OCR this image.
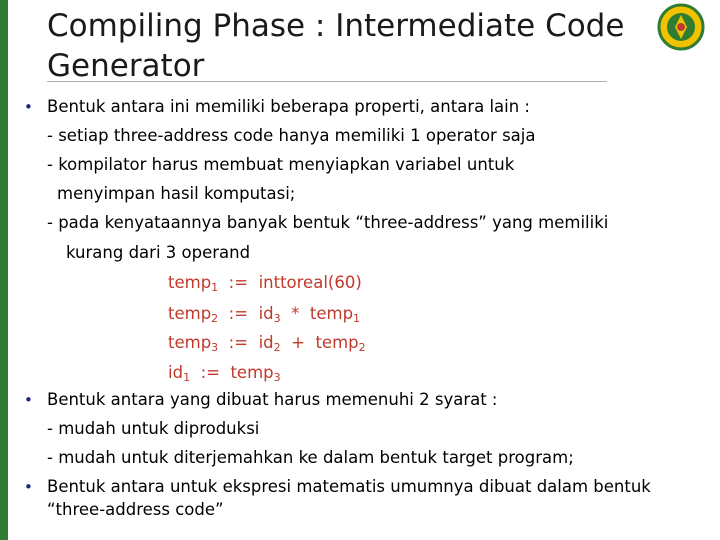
Compiling Phase : Intermediate Code
Generator
• Bentuk antara ini memiliki beberapa properti, antara lain :
- setiap three-address code hanya memiliki 1 operator saja
- kompilator harus membuat menyiapkan variabel untuk
menyimpan hasil komputasi;
- pada kenyataannya banyak bentuk “three-address” yang memiliki
kurang dari 3 operand
temp$_1$ := inttoreal(60)
temp$_2$ := $id_3$ * temp$_1$
temp$_3$ := $id_2$ + temp$_2$
$id_1$ := temp$_3$
• Bentuk antara yang dibuat harus memenuhi 2 syarat :
- mudah untuk diproduksi
- mudah untuk diterjemahkan ke dalam bentuk target program;
• Bentuk antara untuk ekspresi matematis umumnya dibuat dalam bentuk
“three-address code”
